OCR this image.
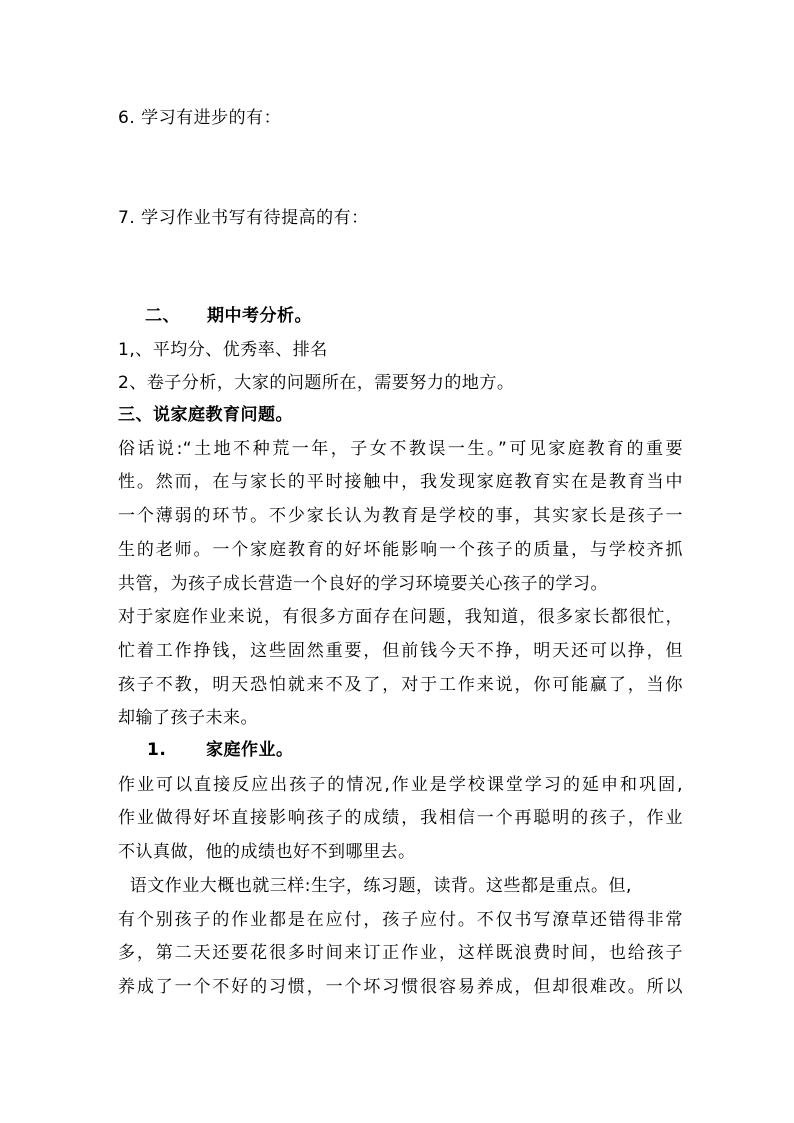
6. 学习有进步的有：
7. 学习作业书写有待提高的有：
二、 期中考分析。
1,、平均分、优秀率、排名
2、卷子分析，大家的问题所在，需要努力的地方。
三、说家庭教育问题。
俗话说:“土地不种荒一年，子女不教误一生。”可见家庭教育的重要
性。然而，在与家长的平时接触中，我发现家庭教育实在是教育当中
一个薄弱的环节。不少家长认为教育是学校的事，其实家长是孩子一
生的老师。一个家庭教育的好坏能影响一个孩子的质量，与学校齐抓
共管，为孩子成长营造一个良好的学习环境要关心孩子的学习。
对于家庭作业来说，有很多方面存在问题，我知道，很多家长都很忙，
忙着工作挣钱，这些固然重要，但前钱今天不挣，明天还可以挣，但
孩子不教，明天恐怕就来不及了，对于工作来说，你可能赢了，当你
却输了孩子未来。
1. 家庭作业。
作业可以直接反应出孩子的情况,作业是学校课堂学习的延申和巩固,
作业做得好坏直接影响孩子的成绩，我相信一个再聪明的孩子，作业
不认真做，他的成绩也好不到哪里去。
语文作业大概也就三样:生字，练习题，读背。这些都是重点。但,
有个别孩子的作业都是在应付，孩子应付。不仅书写潦草还错得非常
多，第二天还要花很多时间来订正作业，这样既浪费时间，也给孩子
养成了一个不好的习惯，一个坏习惯很容易养成，但却很难改。所以
